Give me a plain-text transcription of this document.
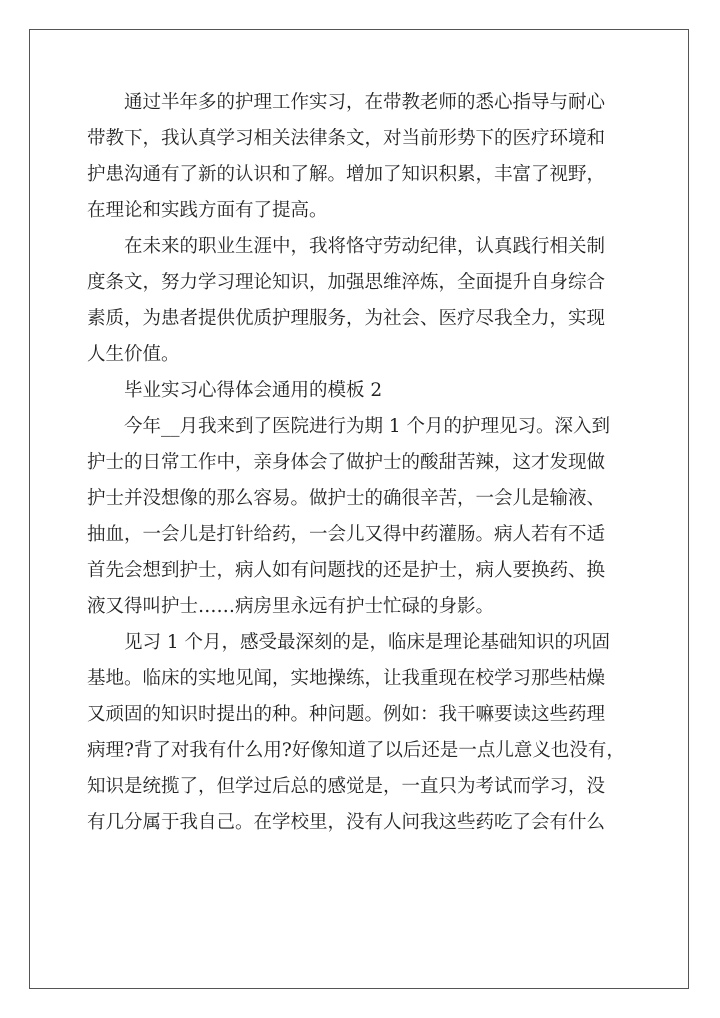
通过半年多的护理工作实习，在带教老师的悉心指导与耐心
带教下，我认真学习相关法律条文，对当前形势下的医疗环境和
护患沟通有了新的认识和了解。增加了知识积累，丰富了视野，
在理论和实践方面有了提高。

在未来的职业生涯中，我将恪守劳动纪律，认真践行相关制
度条文，努力学习理论知识，加强思维淬炼，全面提升自身综合
素质，为患者提供优质护理服务，为社会、医疗尽我全力，实现
人生价值。

毕业实习心得体会通用的模板 2

今年__月我来到了医院进行为期 1 个月的护理见习。深入到
护士的日常工作中，亲身体会了做护士的酸甜苦辣，这才发现做
护士并没想像的那么容易。做护士的确很辛苦，一会儿是输液、
抽血，一会儿是打针给药，一会儿又得中药灌肠。病人若有不适
首先会想到护士，病人如有问题找的还是护士，病人要换药、换
液又得叫护士……病房里永远有护士忙碌的身影。

见习 1 个月，感受最深刻的是，临床是理论基础知识的巩固
基地。临床的实地见闻，实地操练，让我重现在校学习那些枯燥
又顽固的知识时提出的种。种问题。例如：我干嘛要读这些药理
病理?背了对我有什么用?好像知道了以后还是一点儿意义也没有，
知识是统揽了，但学过后总的感觉是，一直只为考试而学习，没
有几分属于我自己。在学校里，没有人问我这些药吃了会有什么
